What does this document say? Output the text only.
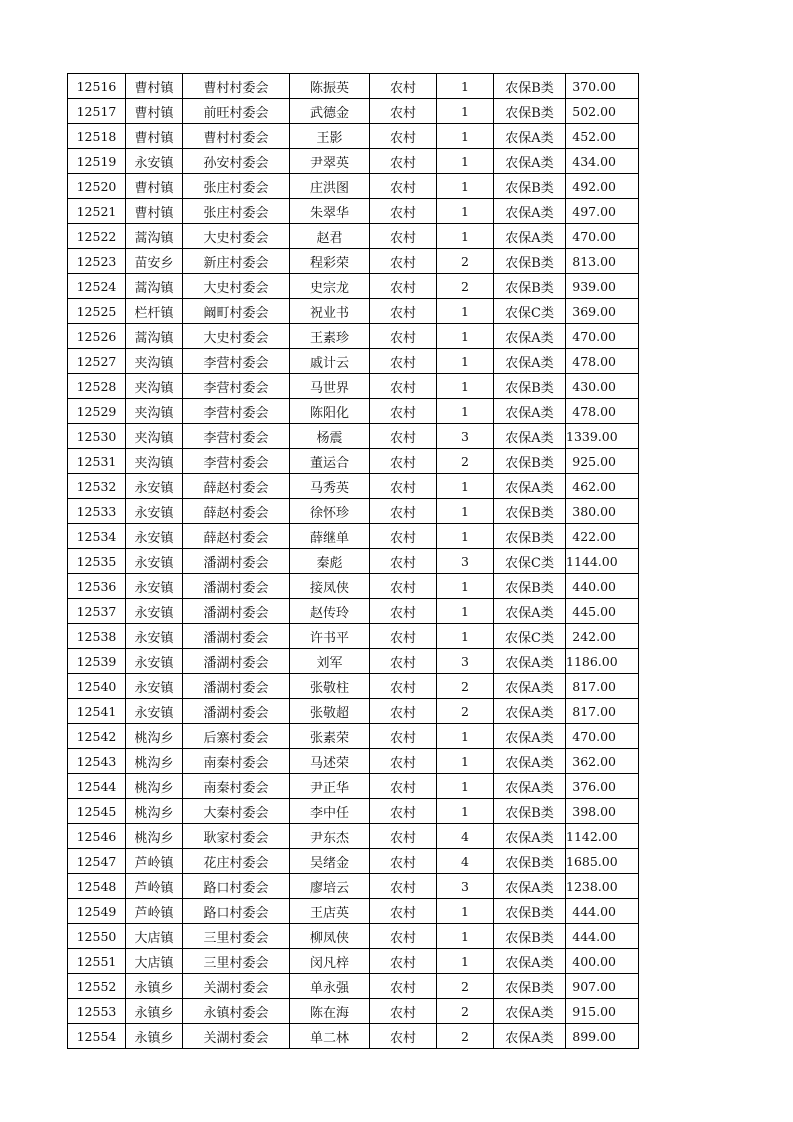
12516	曹村镇	曹村村委会	陈振英	农村	1	农保B类	370.00
12517	曹村镇	前旺村委会	武德金	农村	1	农保B类	502.00
12518	曹村镇	曹村村委会	王影	农村	1	农保A类	452.00
12519	永安镇	孙安村委会	尹翠英	农村	1	农保A类	434.00
12520	曹村镇	张庄村委会	庄洪图	农村	1	农保B类	492.00
12521	曹村镇	张庄村委会	朱翠华	农村	1	农保A类	497.00
12522	蒿沟镇	大史村委会	赵君	农村	1	农保A类	470.00
12523	苗安乡	新庄村委会	程彩荣	农村	2	农保B类	813.00
12524	蒿沟镇	大史村委会	史宗龙	农村	2	农保B类	939.00
12525	栏杆镇	阚町村委会	祝业书	农村	1	农保C类	369.00
12526	蒿沟镇	大史村委会	王素珍	农村	1	农保A类	470.00
12527	夹沟镇	李营村委会	戚计云	农村	1	农保A类	478.00
12528	夹沟镇	李营村委会	马世界	农村	1	农保B类	430.00
12529	夹沟镇	李营村委会	陈阳化	农村	1	农保A类	478.00
12530	夹沟镇	李营村委会	杨震	农村	3	农保A类	1339.00
12531	夹沟镇	李营村委会	董运合	农村	2	农保B类	925.00
12532	永安镇	薛赵村委会	马秀英	农村	1	农保A类	462.00
12533	永安镇	薛赵村委会	徐怀珍	农村	1	农保B类	380.00
12534	永安镇	薛赵村委会	薛继单	农村	1	农保B类	422.00
12535	永安镇	潘湖村委会	秦彪	农村	3	农保C类	1144.00
12536	永安镇	潘湖村委会	接凤侠	农村	1	农保B类	440.00
12537	永安镇	潘湖村委会	赵传玲	农村	1	农保A类	445.00
12538	永安镇	潘湖村委会	许书平	农村	1	农保C类	242.00
12539	永安镇	潘湖村委会	刘军	农村	3	农保A类	1186.00
12540	永安镇	潘湖村委会	张敬柱	农村	2	农保A类	817.00
12541	永安镇	潘湖村委会	张敬超	农村	2	农保A类	817.00
12542	桃沟乡	后寨村委会	张素荣	农村	1	农保A类	470.00
12543	桃沟乡	南秦村委会	马述荣	农村	1	农保A类	362.00
12544	桃沟乡	南秦村委会	尹正华	农村	1	农保A类	376.00
12545	桃沟乡	大秦村委会	李中任	农村	1	农保B类	398.00
12546	桃沟乡	耿家村委会	尹东杰	农村	4	农保A类	1142.00
12547	芦岭镇	花庄村委会	吴绪金	农村	4	农保B类	1685.00
12548	芦岭镇	路口村委会	廖培云	农村	3	农保A类	1238.00
12549	芦岭镇	路口村委会	王店英	农村	1	农保B类	444.00
12550	大店镇	三里村委会	柳凤侠	农村	1	农保B类	444.00
12551	大店镇	三里村委会	闵凡梓	农村	1	农保A类	400.00
12552	永镇乡	关湖村委会	单永强	农村	2	农保B类	907.00
12553	永镇乡	永镇村委会	陈在海	农村	2	农保A类	915.00
12554	永镇乡	关湖村委会	单二林	农村	2	农保A类	899.00
